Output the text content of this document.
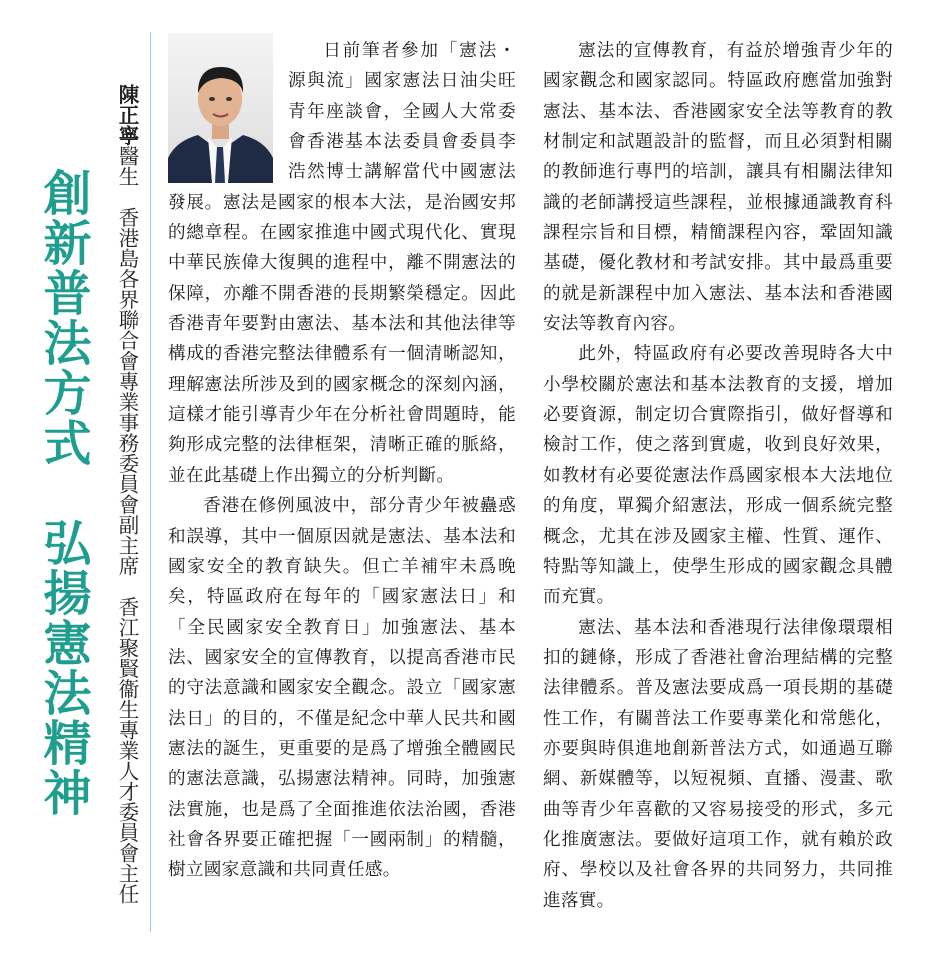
創新普法方式　弘揚憲法精神
陳正寧醫生　香港島各界聯合會專業事務委員會副主席　香江聚賢衞生專業人才委員會主任

日前筆者參加「憲法・源與流」國家憲法日油尖旺青年座談會，全國人大常委會香港基本法委員會委員李浩然博士講解當代中國憲法發展。憲法是國家的根本大法，是治國安邦的總章程。在國家推進中國式現代化、實現中華民族偉大復興的進程中，離不開憲法的保障，亦離不開香港的長期繁榮穩定。因此香港青年要對由憲法、基本法和其他法律等構成的香港完整法律體系有一個清晰認知，理解憲法所涉及到的國家概念的深刻內涵，這樣才能引導青少年在分析社會問題時，能夠形成完整的法律框架，清晰正確的脈絡，並在此基礎上作出獨立的分析判斷。

香港在修例風波中，部分青少年被蠱惑和誤導，其中一個原因就是憲法、基本法和國家安全的教育缺失。但亡羊補牢未爲晚矣，特區政府在每年的「國家憲法日」和「全民國家安全教育日」加強憲法、基本法、國家安全的宣傳教育，以提高香港市民的守法意識和國家安全觀念。設立「國家憲法日」的目的，不僅是紀念中華人民共和國憲法的誕生，更重要的是爲了增強全體國民的憲法意識，弘揚憲法精神。同時，加強憲法實施，也是爲了全面推進依法治國，香港社會各界要正確把握「一國兩制」的精髓，樹立國家意識和共同責任感。

憲法的宣傳教育，有益於增強青少年的國家觀念和國家認同。特區政府應當加強對憲法、基本法、香港國家安全法等教育的教材制定和試題設計的監督，而且必須對相關的教師進行專門的培訓，讓具有相關法律知識的老師講授這些課程，並根據通識教育科課程宗旨和目標，精簡課程內容，鞏固知識基礎，優化教材和考試安排。其中最爲重要的就是新課程中加入憲法、基本法和香港國安法等教育內容。

此外，特區政府有必要改善現時各大中小學校關於憲法和基本法教育的支援，增加必要資源，制定切合實際指引，做好督導和檢討工作，使之落到實處，收到良好效果，如教材有必要從憲法作爲國家根本大法地位的角度，單獨介紹憲法，形成一個系統完整概念，尤其在涉及國家主權、性質、運作、特點等知識上，使學生形成的國家觀念具體而充實。

憲法、基本法和香港現行法律像環環相扣的鏈條，形成了香港社會治理結構的完整法律體系。普及憲法要成爲一項長期的基礎性工作，有關普法工作要專業化和常態化，亦要與時俱進地創新普法方式，如通過互聯網、新媒體等，以短視頻、直播、漫畫、歌曲等青少年喜歡的又容易接受的形式，多元化推廣憲法。要做好這項工作，就有賴於政府、學校以及社會各界的共同努力，共同推進落實。
